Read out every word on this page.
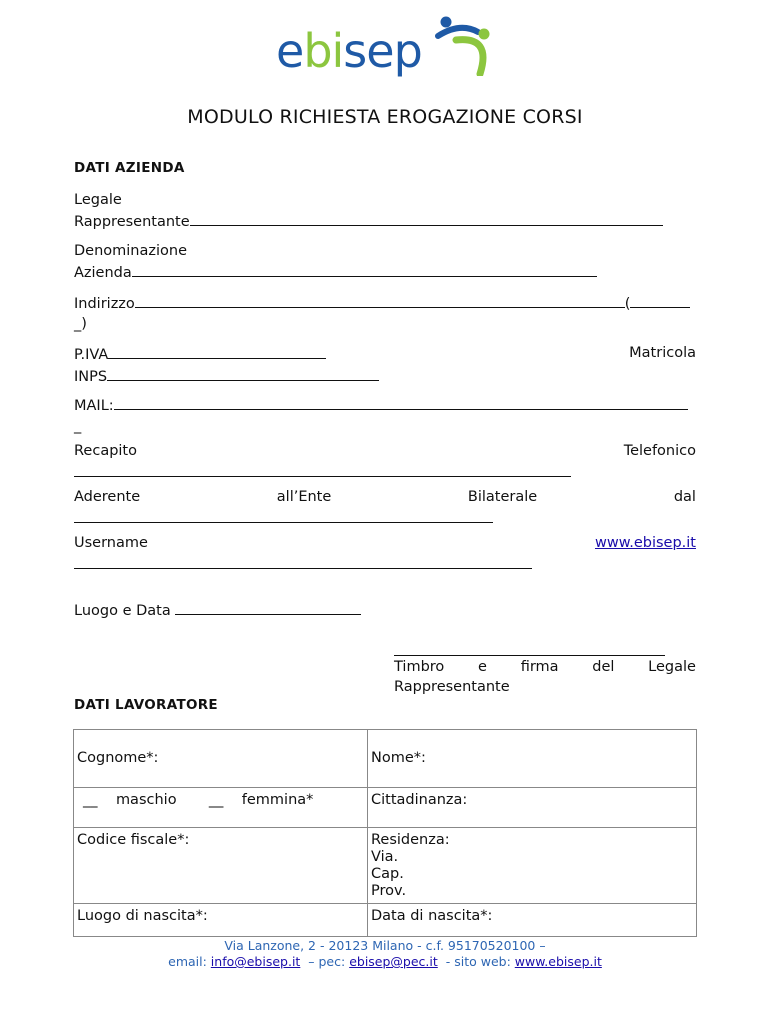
ebisep
MODULO RICHIESTA EROGAZIONE CORSI
DATI AZIENDA
Legale
Rappresentante
Denominazione
Azienda
Indirizzo	(
_)
P.IVA	Matricola
INPS
MAIL:
_
Recapito	Telefonico
Aderente	all’Ente	Bilaterale	dal
Username	www.ebisep.it
Luogo e Data
Timbro e firma del Legale
Rappresentante
DATI LAVORATORE
Cognome*:	Nome*:
__ maschio __ femmina*	Cittadinanza:
Codice fiscale*:	Residenza:
Via.
Cap.
Prov.

Luogo di nascita*:	Data di nascita*:
Via Lanzone, 2 - 20123 Milano - c.f. 95170520100 –
email: info@ebisep.it  – pec: ebisep@pec.it  - sito web: www.ebisep.it
